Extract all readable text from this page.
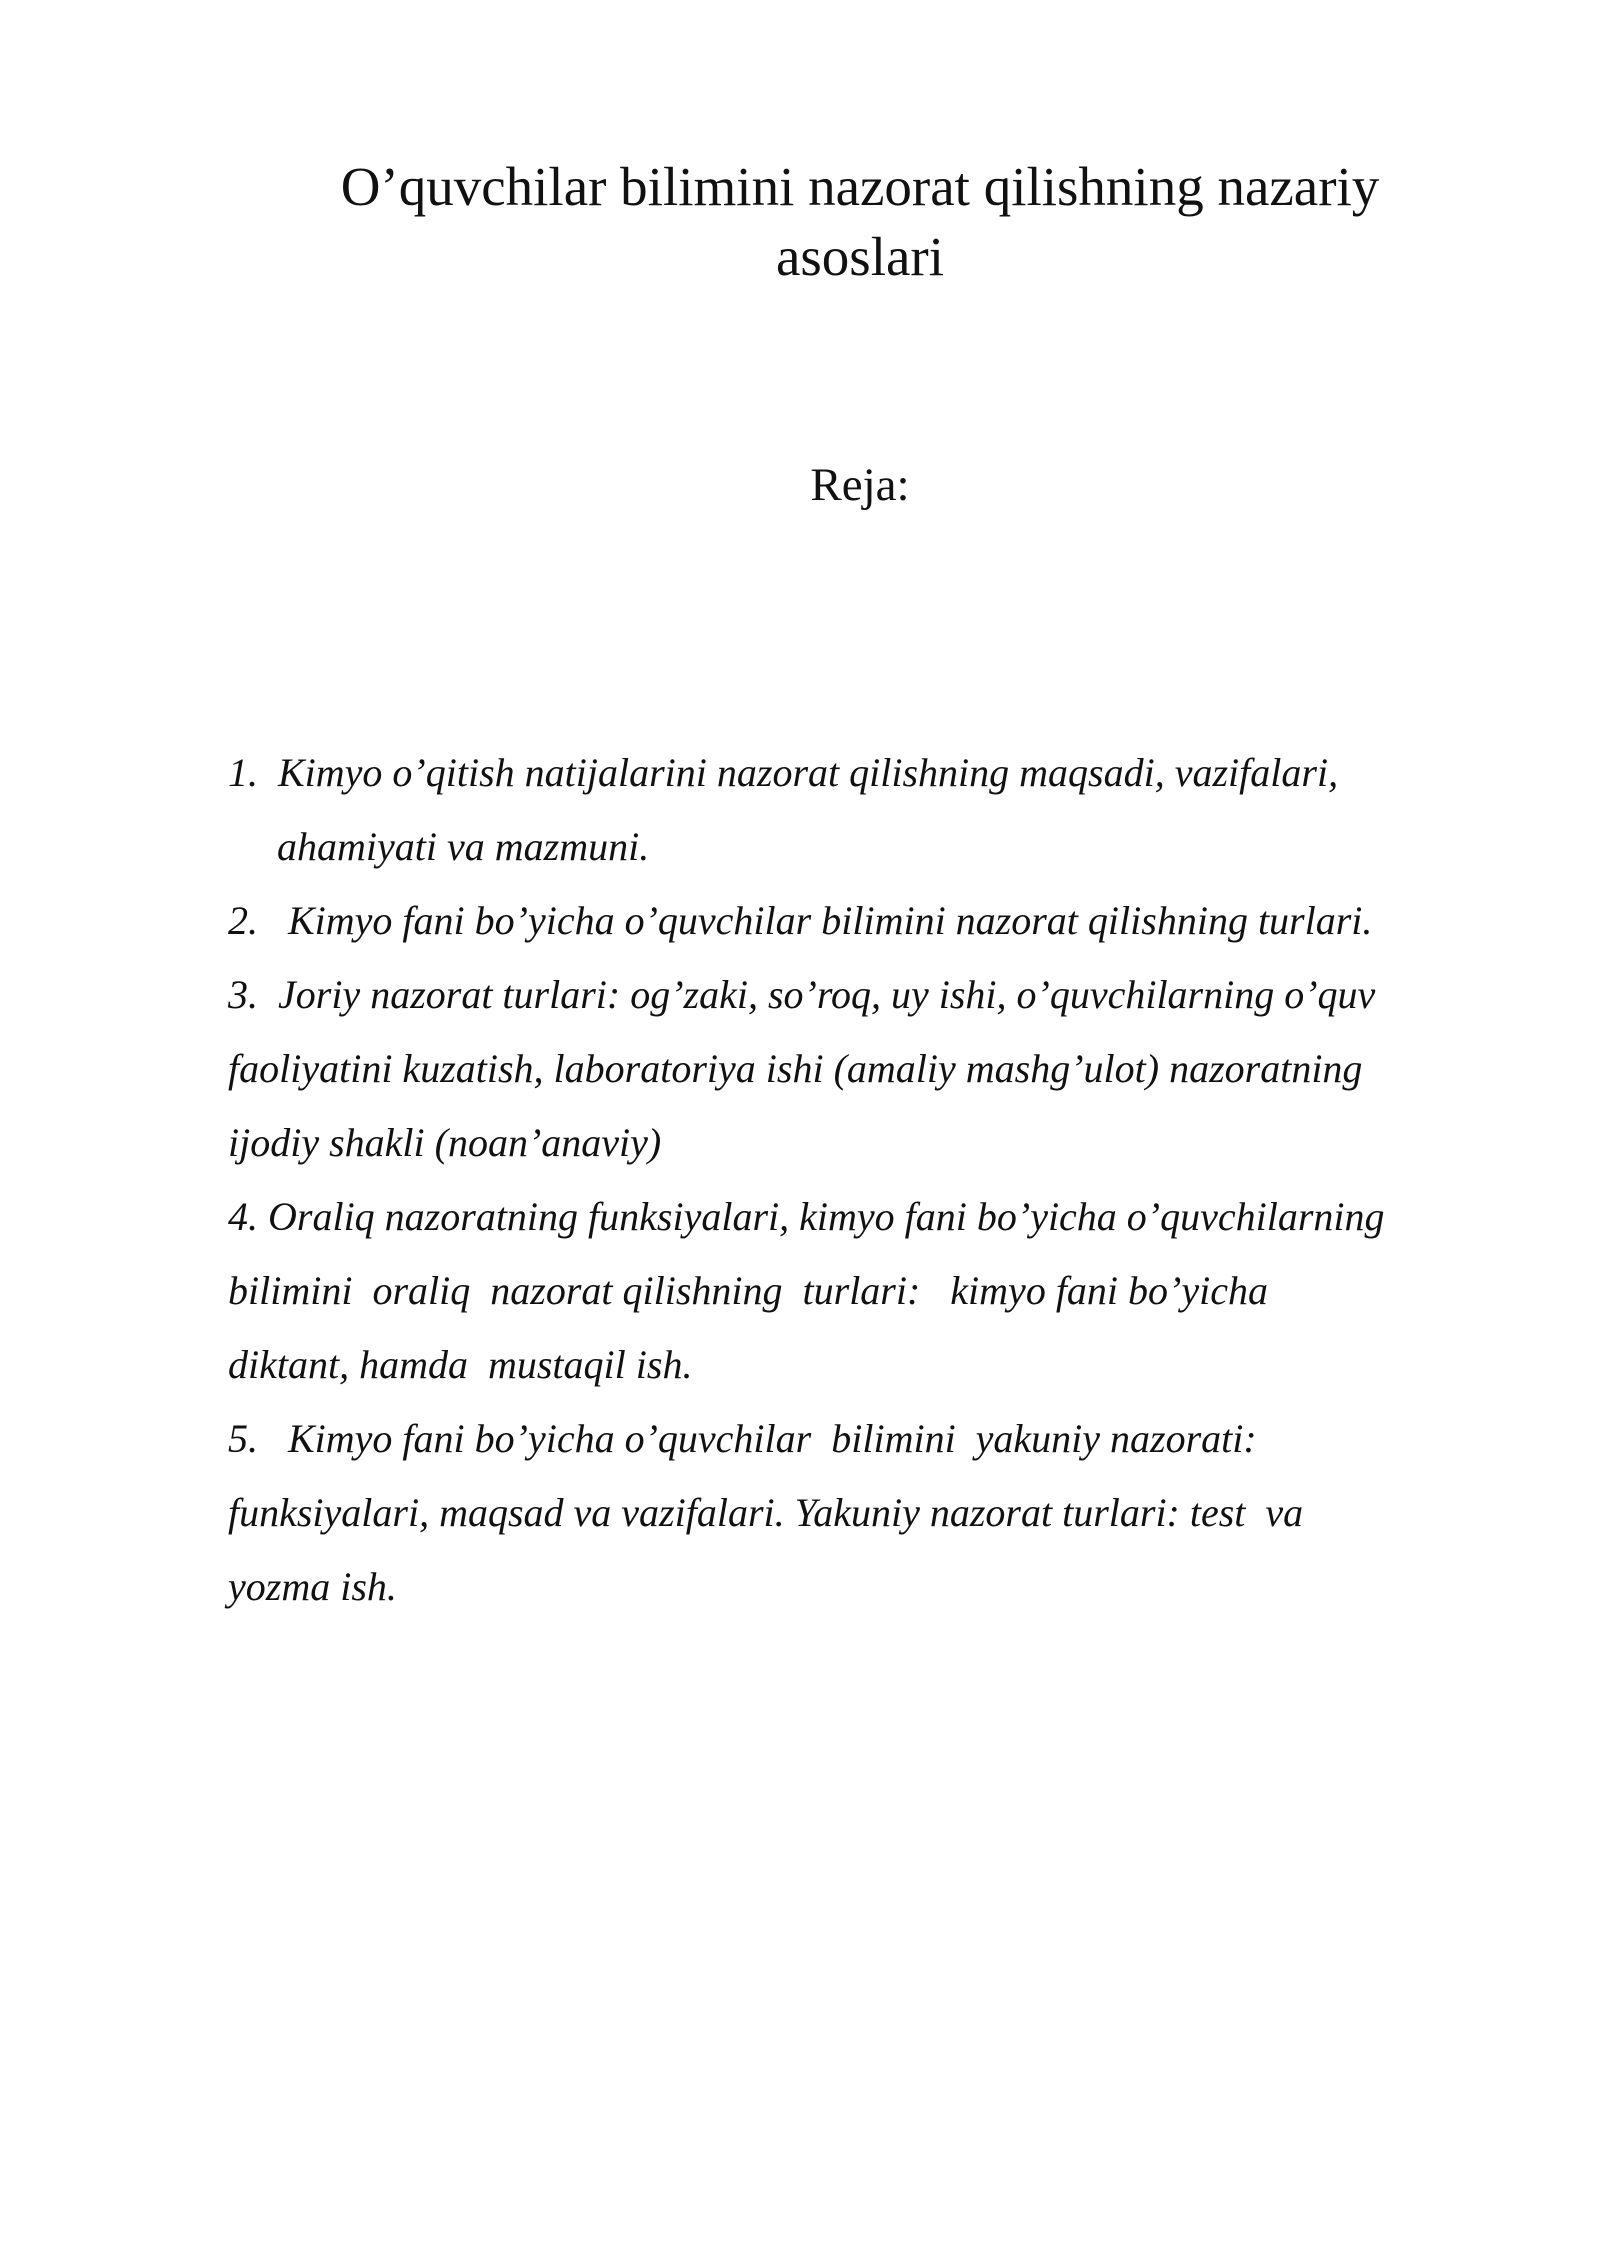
O’quvchilar bilimini nazorat qilishning nazariy asoslari
Reja:
1.  Kimyo o’qitish natijalarini nazorat qilishning maqsadi, vazifalari,
ahamiyati va mazmuni.
2.   Kimyo fani bo’yicha o’quvchilar bilimini nazorat qilishning turlari.
3.  Joriy nazorat turlari: og’zaki, so’roq, uy ishi, o’quvchilarning o’quv
faoliyatini kuzatish, laboratoriya ishi (amaliy mashg’ulot) nazoratning
ijodiy shakli (noan’anaviy)
4. Oraliq nazoratning funksiyalari, kimyo fani bo’yicha o’quvchilarning
bilimini  oraliq  nazorat qilishning  turlari:   kimyo fani bo’yicha
diktant, hamda  mustaqil ish.
5.   Kimyo fani bo’yicha o’quvchilar  bilimini  yakuniy nazorati:
funksiyalari, maqsad va vazifalari. Yakuniy nazorat turlari: test  va
yozma ish.
